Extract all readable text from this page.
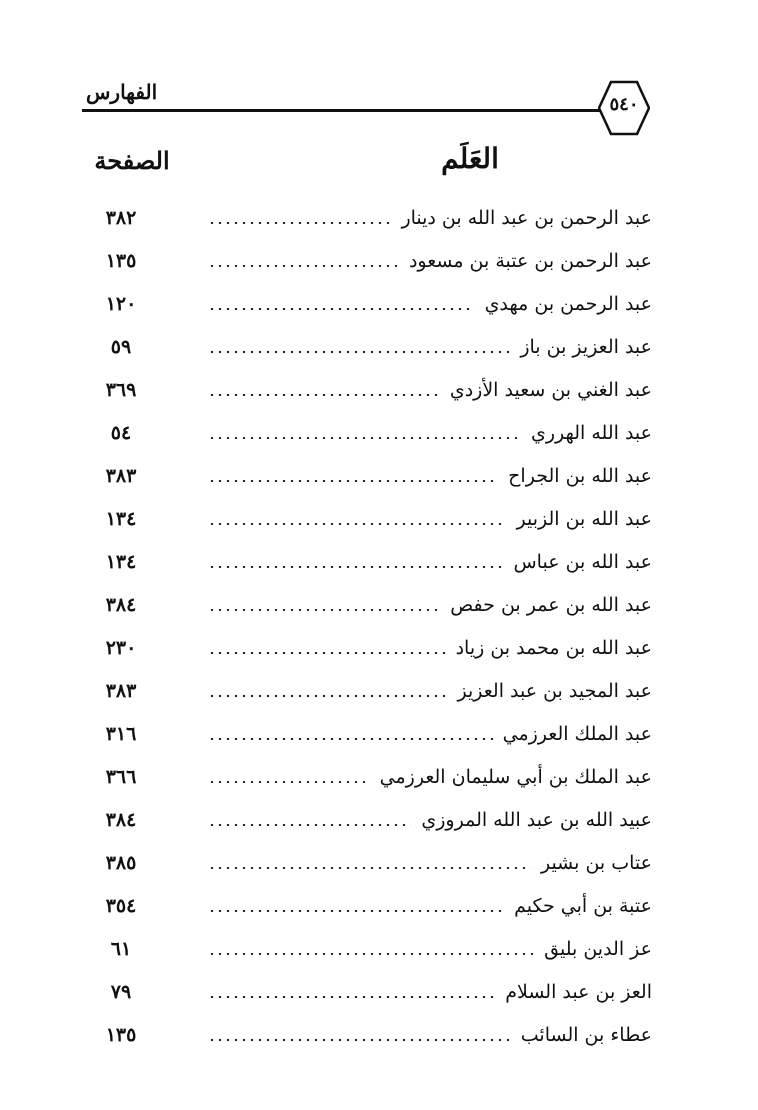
الفهارس
٥٤٠
العَلَم
الصفحة
٣٨٢	عبد الرحمن بن عبد الله بن دينار
١٣٥	عبد الرحمن بن عتبة بن مسعود
١٢٠	عبد الرحمن بن مهدي
٥٩	عبد العزيز بن باز
٣٦٩	عبد الغني بن سعيد الأزدي
٥٤	عبد الله الهرري
٣٨٣	عبد الله بن الجراح
١٣٤	عبد الله بن الزبير
١٣٤	عبد الله بن عباس
٣٨٤	عبد الله بن عمر بن حفص
٢٣٠	عبد الله بن محمد بن زياد
٣٨٣	عبد المجيد بن عبد العزيز
٣١٦	عبد الملك العرزمي
٣٦٦	عبد الملك بن أبي سليمان العرزمي
٣٨٤	عبيد الله بن عبد الله المروزي
٣٨٥	عتاب بن بشير
٣٥٤	عتبة بن أبي حكيم
٦١	عز الدين بليق
٧٩	العز بن عبد السلام
١٣٥	عطاء بن السائب
